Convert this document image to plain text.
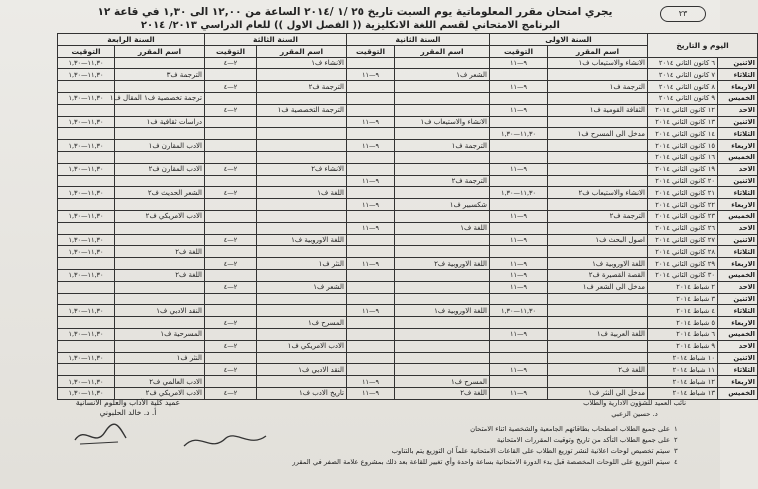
٢٣
يجري امتحان مقرر المعلوماتية يوم السبت تاريخ ٢٥ /١ /٢٠١٤ الساعة من ١٢,٠٠ الى ١,٣٠ في قاعة ١٢
البرنامج الامتحاني لقسم اللغة الانكليزية (( الفصل الاول )) للعام الدراسي ٢٠١٣/ ٢٠١٤
اليوم و التاريخ		السنة الاولى		السنة الثانية		السنة الثالثة		السنة الرابعة	
		اسم المقرر	التوقيت	اسم المقرر	التوقيت	اسم المقرر	التوقيت	اسم المقرر	التوقيت
الاثنين	٦ كانون الثاني ٢٠١٤	الانشاء والاستيعاب ف١	٩—١١			الانشاء ف١	٢—٤		١١,٣٠—١,٣٠
الثلاثاء	٧ كانون الثاني ٢٠١٤			الشعر ف١	٩—١١			الترجمة ف٣	١١,٣٠—١,٣٠
الاربعاء	٨ كانون الثاني ٢٠١٤	الترجمة ف١	٩—١١			الترجمة ف٢	٢—٤		
الخميس	٩ كانون الثاني ٢٠١٤							ترجمة تخصصية ف١ المقال ف١	١١,٣٠—١,٣٠
الاحد	١٢ كانون الثاني ٢٠١٤	الثقافة القومية ف١	٩—١١			الترجمة التخصصية ف١	٢—٤		
الاثنين	١٣ كانون الثاني ٢٠١٤			الانشاء والاستيعاب ف١	٩—١١			دراسات ثقافية ف١	١١,٣٠—١,٣٠
الثلاثاء	١٤ كانون الثاني ٢٠١٤	مدخل الى المسرح ف١	١١,٣٠—١,٣٠						
الاربعاء	١٥ كانون الثاني ٢٠١٤			الترجمة ف١	٩—١١			الادب المقارن ف١	١١,٣٠—١,٣٠
الخميس	١٦ كانون الثاني ٢٠١٤								
الاحد	١٩ كانون الثاني ٢٠١٤		٩—١١			الانشاء ف٢	٢—٤	الادب المقارن ف٢	١١,٣٠—١,٣٠
الاثنين	٢٠ كانون الثاني ٢٠١٤			الترجمة ف٢	٩—١١				
الثلاثاء	٢١ كانون الثاني ٢٠١٤	الانشاء والاستيعاب ف٢	١١,٣٠—١,٣٠			اللغة ف١	٢—٤	الشعر الحديث ف٢	١١,٣٠—١,٣٠
الاربعاء	٢٢ كانون الثاني ٢٠١٤			شكسبير ف١	٩—١١				
الخميس	٢٣ كانون الثاني ٢٠١٤	الترجمة ف٢	٩—١١					الادب الامريكي ف٢	١١,٣٠—١,٣٠
الاحد	٢٦ كانون الثاني ٢٠١٤			اللغة ف١	٩—١١				
الاثنين	٢٧ كانون الثاني ٢٠١٤	اصول البحث ف١	٩—١١			اللغة الاوروبية ف١	٢—٤		١١,٣٠—١,٣٠
الثلاثاء	٢٨ كانون الثاني ٢٠١٤							اللغة ف٢	١١,٣٠—١,٣٠
الاربعاء	٢٩ كانون الثاني ٢٠١٤	اللغة الاوروبية ف١	٩—١١	اللغة الاوروبية ف٢	٩—١١	النثر ف١	٢—٤		
الخميس	٣٠ كانون الثاني ٢٠١٤	القصة القصيرة ف٢	٩—١١					اللغة ف٢	١١,٣٠—١,٣٠
الاحد	٢ شباط ٢٠١٤	مدخل الى الشعر ف١	٩—١١			الشعر ف١	٢—٤		
الاثنين	٣ شباط ٢٠١٤								
الثلاثاء	٤ شباط ٢٠١٤		١١,٣٠—١,٣٠	اللغة الاوروبية ف١	٩—١١			النقد الادبي ف١	١١,٣٠—١,٣٠
الاربعاء	٥ شباط ٢٠١٤					المسرح ف١	٢—٤		
الخميس	٦ شباط ٢٠١٤	اللغة العربية ف١	٩—١١					المسرحية ف١	١١,٣٠—١,٣٠
الاحد	٩ شباط ٢٠١٤					الادب الامريكي ف١	٢—٤		
الاثنين	١٠ شباط ٢٠١٤							النثر ف١	١١,٣٠—١,٣٠
الثلاثاء	١١ شباط ٢٠١٤	اللغة ف٢	٩—١١			النقد الادبي ف١	٢—٤		
الاربعاء	١٢ شباط ٢٠١٤			المسرح ف١	٩—١١			الادب العالمي ف٢	١١,٣٠—١,٣٠
الخميس	١٣ شباط ٢٠١٤	مدخل الى النثر ف١	٩—١١	اللغة ف٢	٩—١١	تاريخ الادب ف١	٢—٤	الادب الامريكي ف٢	١١,٣٠—١,٣٠
عميد كلية الآداب والعلوم الانسانية
أ. د. خالد الحلبوني
نائب العميد للشؤون الادارية والطلاب
د. حسين الزعبي
١
على جميع الطلاب اصطحاب بطاقاتهم الجامعية والشخصية اثناء الامتحان
٢
على جميع الطلاب التأكد من تاريخ وتوقيت المقررات الامتحانية
٣
سيتم تخصيص لوحات اعلانية لنشر توزيع الطلاب على القاعات الامتحانية علماً ان التوزيع يتم بالتناوب
٤
سيتم التوزيع على اللوحات المخصصة قبل بدء الدورة الامتحانية بساعة واحدة وأي تغيير للقاعة بعد ذلك بمشروع علامة الصفر في المقرر
